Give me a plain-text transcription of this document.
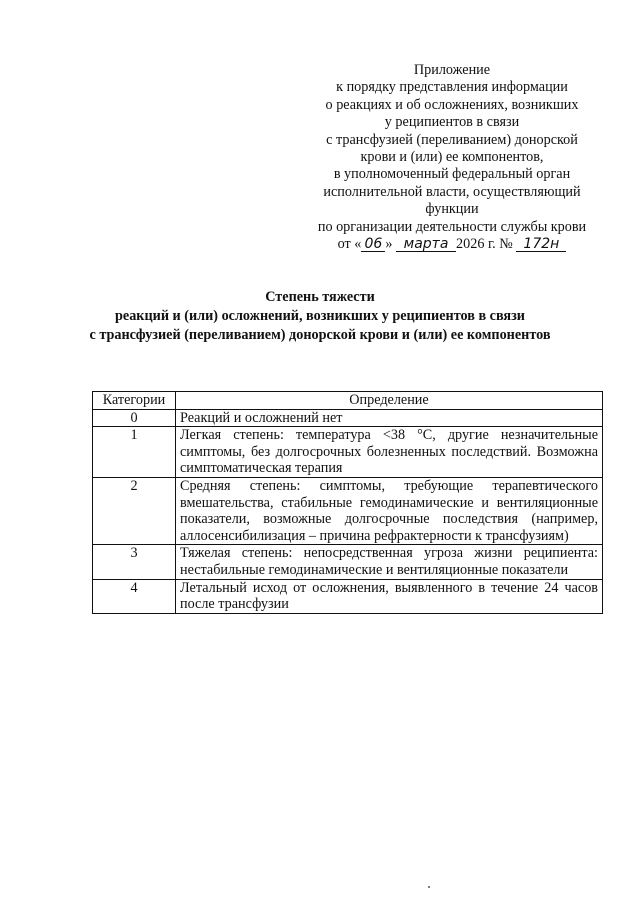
Приложение
к порядку представления информации
о реакциях и об осложнениях, возникших
у реципиентов в связи
с трансфузией (переливанием) донорской
крови и (или) ее компонентов,
в уполномоченный федеральный орган
исполнительной власти, осуществляющий
функции
по организации деятельности службы крови
от « 06 » марта 2026 г. № 172н
Степень тяжести
реакций и (или) осложнений, возникших у реципиентов в связи
с трансфузией (переливанием) донорской крови и (или) ее компонентов
Категории	Определение
0	Реакций и осложнений нет
1	Легкая степень: температура <38 °С, другие незначительные симптомы, без долгосрочных болезненных последствий. Возможна симптоматическая терапия
2	Средняя степень: симптомы, требующие терапевтического вмешательства, стабильные гемодинамические и вентиляционные показатели, возможные долгосрочные последствия (например, аллосенсибилизация – причина рефрактерности к трансфузиям)
3	Тяжелая степень: непосредственная угроза жизни реципиента: нестабильные гемодинамические и вентиляционные показатели
4	Летальный исход от осложнения, выявленного в течение 24 часов после трансфузии
